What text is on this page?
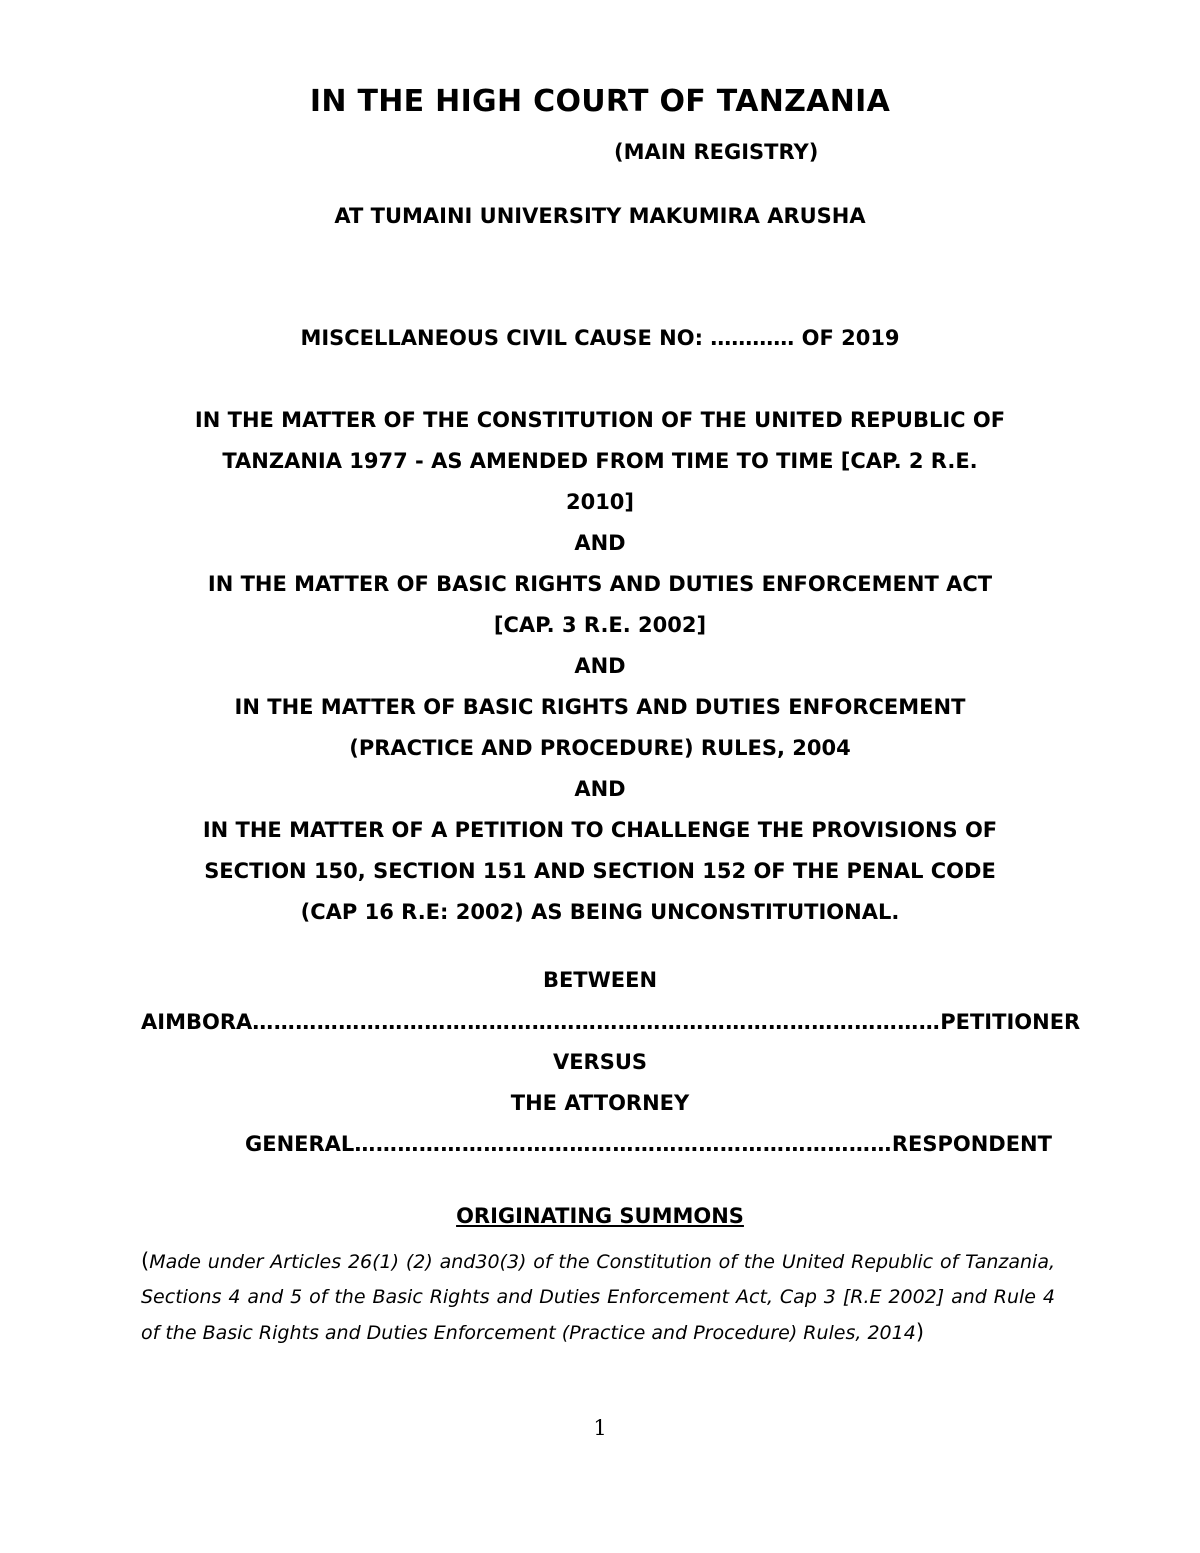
IN THE HIGH COURT OF TANZANIA
(MAIN REGISTRY)
AT TUMAINI UNIVERSITY MAKUMIRA ARUSHA
MISCELLANEOUS CIVIL CAUSE NO: ………… OF 2019
IN THE MATTER OF THE CONSTITUTION OF THE UNITED REPUBLIC OF
TANZANIA 1977 - AS AMENDED FROM TIME TO TIME [CAP. 2 R.E.
2010]
AND
IN THE MATTER OF BASIC RIGHTS AND DUTIES ENFORCEMENT ACT
[CAP. 3 R.E. 2002]
AND
IN THE MATTER OF BASIC RIGHTS AND DUTIES ENFORCEMENT
(PRACTICE AND PROCEDURE) RULES, 2004
AND
IN THE MATTER OF A PETITION TO CHALLENGE THE PROVISIONS OF
SECTION 150, SECTION 151 AND SECTION 152 OF THE PENAL CODE
(CAP 16 R.E: 2002) AS BEING UNCONSTITUTIONAL.
BETWEEN
AIMBORA …………………………………………………………………………………… PETITIONER
VERSUS
THE ATTORNEY
GENERAL ………………………………………………………………… RESPONDENT
ORIGINATING SUMMONS
(Made under Articles 26(1) (2) and30(3) of the Constitution of the United Republic of Tanzania, Sections 4 and 5 of the Basic Rights and Duties Enforcement Act, Cap 3 [R.E 2002] and Rule 4 of the Basic Rights and Duties Enforcement (Practice and Procedure) Rules, 2014)
1
